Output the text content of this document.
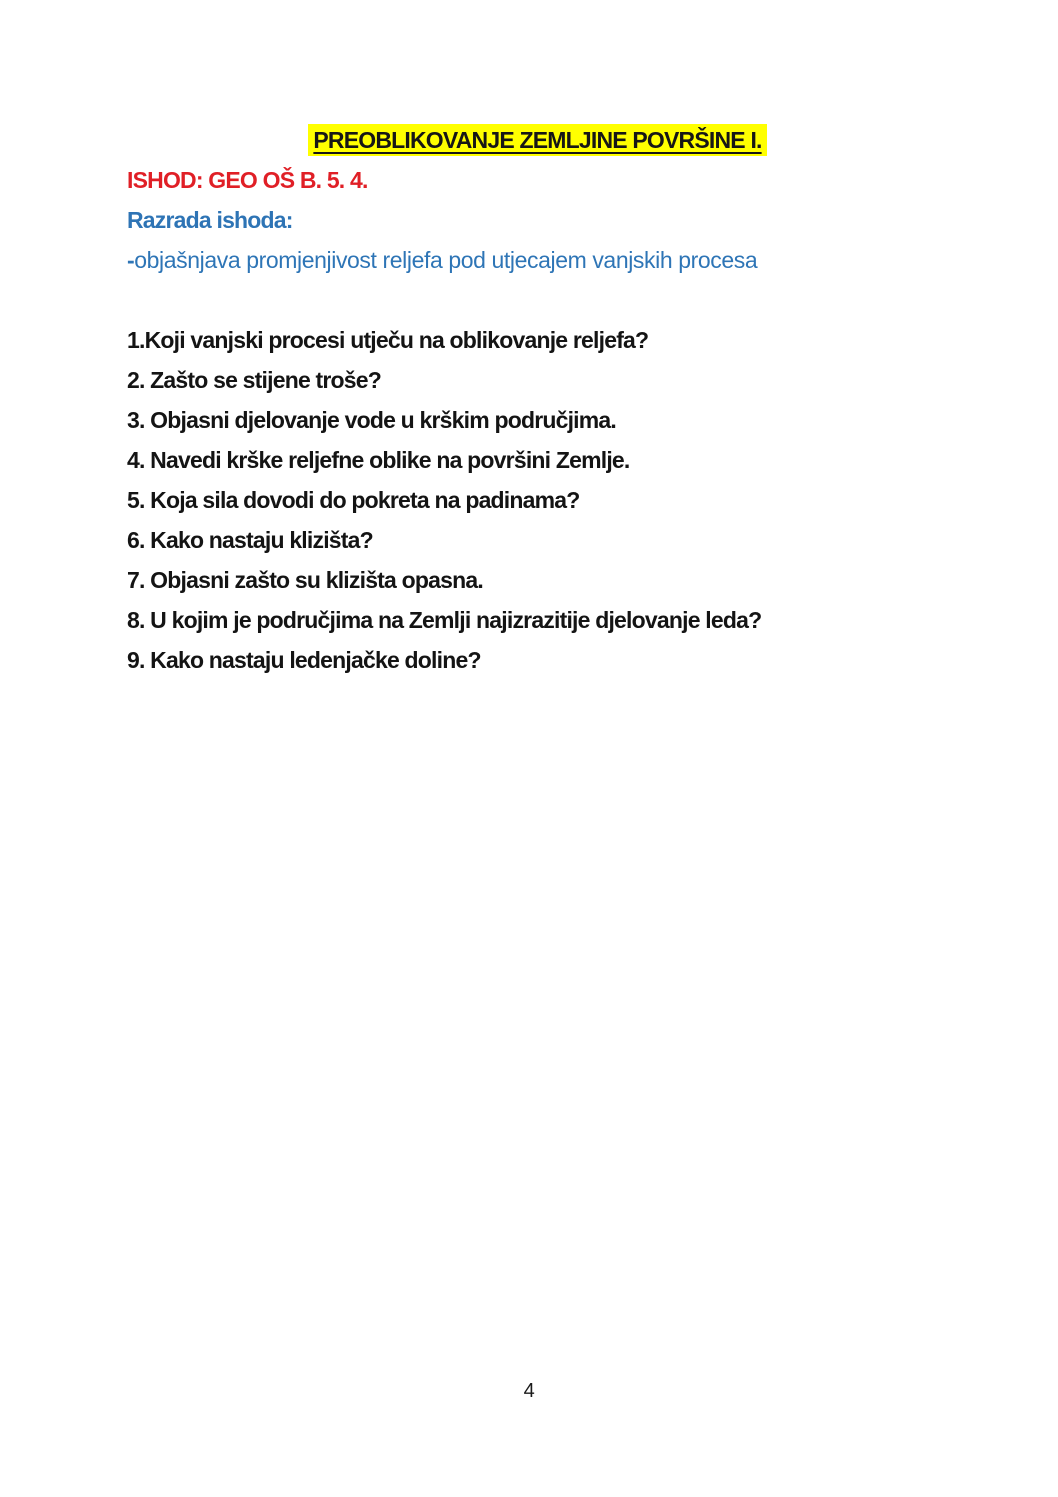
PREOBLIKOVANJE ZEMLJINE POVRŠINE I.

ISHOD: GEO OŠ B. 5. 4.

Razrada ishoda:

-objašnjava promjenjivost reljefa pod utjecajem vanjskih procesa

1.Koji vanjski procesi utječu na oblikovanje reljefa?

2. Zašto se stijene troše?

3. Objasni djelovanje vode u krškim područjima.

4. Navedi krške reljefne oblike na površini Zemlje.

5. Koja sila dovodi do pokreta na padinama?

6. Kako nastaju klizišta?

7. Objasni zašto su klizišta opasna.

8. U kojim je područjima na Zemlji najizrazitije djelovanje leda?

9. Kako nastaju ledenjačke doline?

4
